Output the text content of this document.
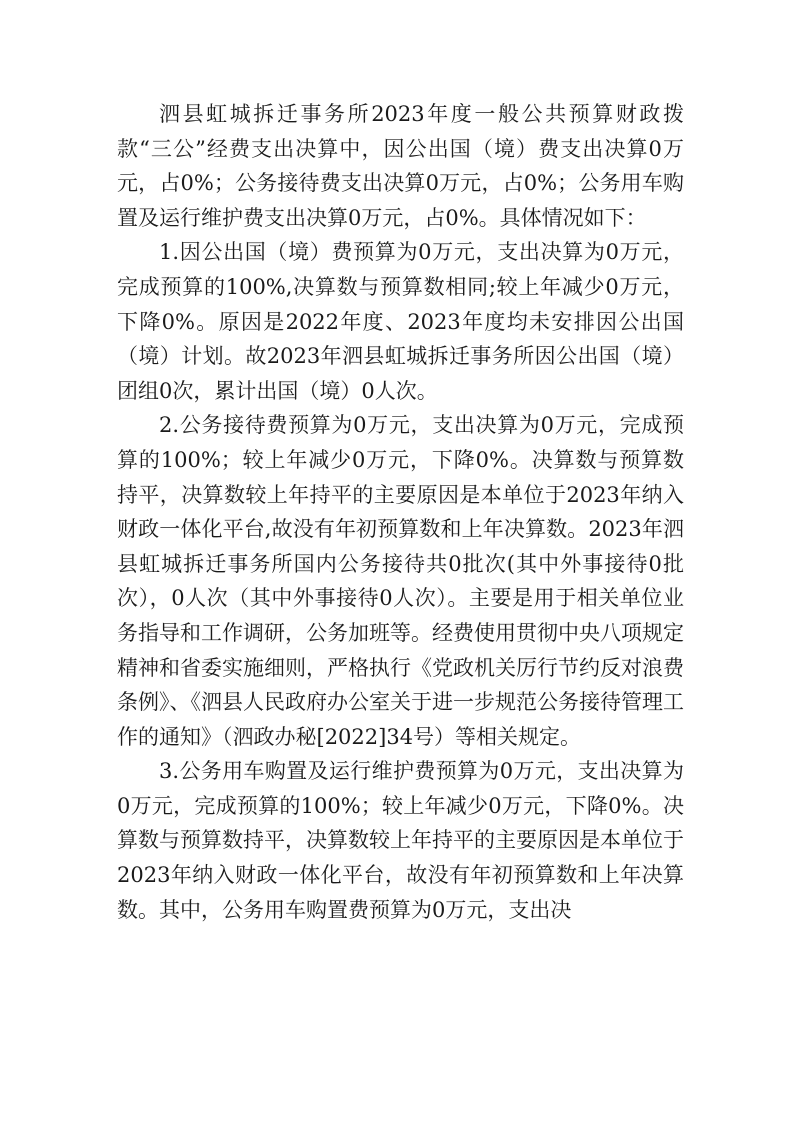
泗县虹城拆迁事务所2023年度一般公共预算财政拨款“三公”经费支出决算中，因公出国（境）费支出决算0万元，占0%；公务接待费支出决算0万元，占0%；公务用车购置及运行维护费支出决算0万元，占0%。具体情况如下：

1.因公出国（境）费预算为0万元，支出决算为0万元，完成预算的100%,决算数与预算数相同;较上年减少0万元，下降0%。原因是2022年度、2023年度均未安排因公出国（境）计划。故2023年泗县虹城拆迁事务所因公出国（境）团组0次，累计出国（境）0人次。

2.公务接待费预算为0万元，支出决算为0万元，完成预算的100%；较上年减少0万元，下降0%。决算数与预算数持平，决算数较上年持平的主要原因是本单位于2023年纳入财政一体化平台,故没有年初预算数和上年决算数。2023年泗县虹城拆迁事务所国内公务接待共0批次(其中外事接待0批次），0人次（其中外事接待0人次）。主要是用于相关单位业务指导和工作调研，公务加班等。经费使用贯彻中央八项规定精神和省委实施细则，严格执行《党政机关厉行节约反对浪费条例》、《泗县人民政府办公室关于进一步规范公务接待管理工作的通知》（泗政办秘[2022]34号）等相关规定。

3.公务用车购置及运行维护费预算为0万元，支出决算为0万元，完成预算的100%；较上年减少0万元，下降0%。决算数与预算数持平，决算数较上年持平的主要原因是本单位于2023年纳入财政一体化平台，故没有年初预算数和上年决算数。其中，公务用车购置费预算为0万元，支出决
